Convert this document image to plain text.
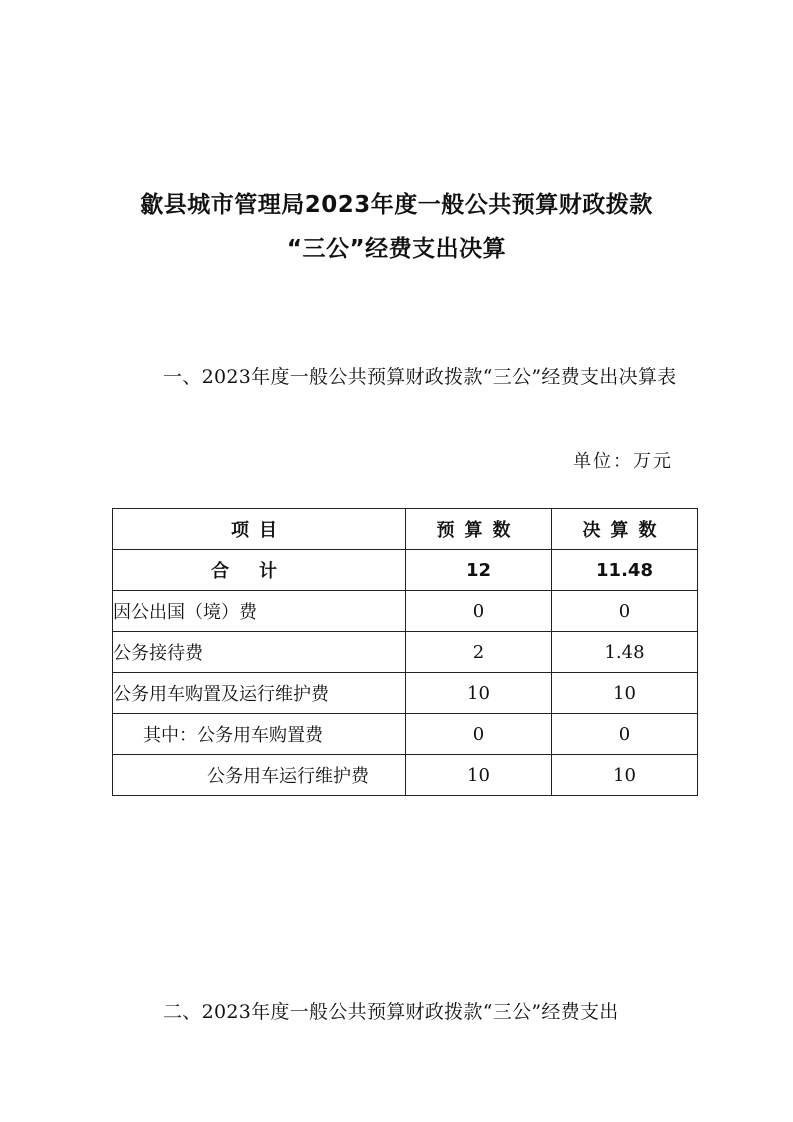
歙县城市管理局2023年度一般公共预算财政拨款
“三公”经费支出决算

一、2023年度一般公共预算财政拨款“三公”经费支出决算表

单位：万元
项目	预算数	决算数
合计	12	11.48
因公出国（境）费	0	0
公务接待费	2	1.48
公务用车购置及运行维护费	10	10
其中：公务用车购置费	0	0
公务用车运行维护费	10	10

二、2023年度一般公共预算财政拨款“三公”经费支出
